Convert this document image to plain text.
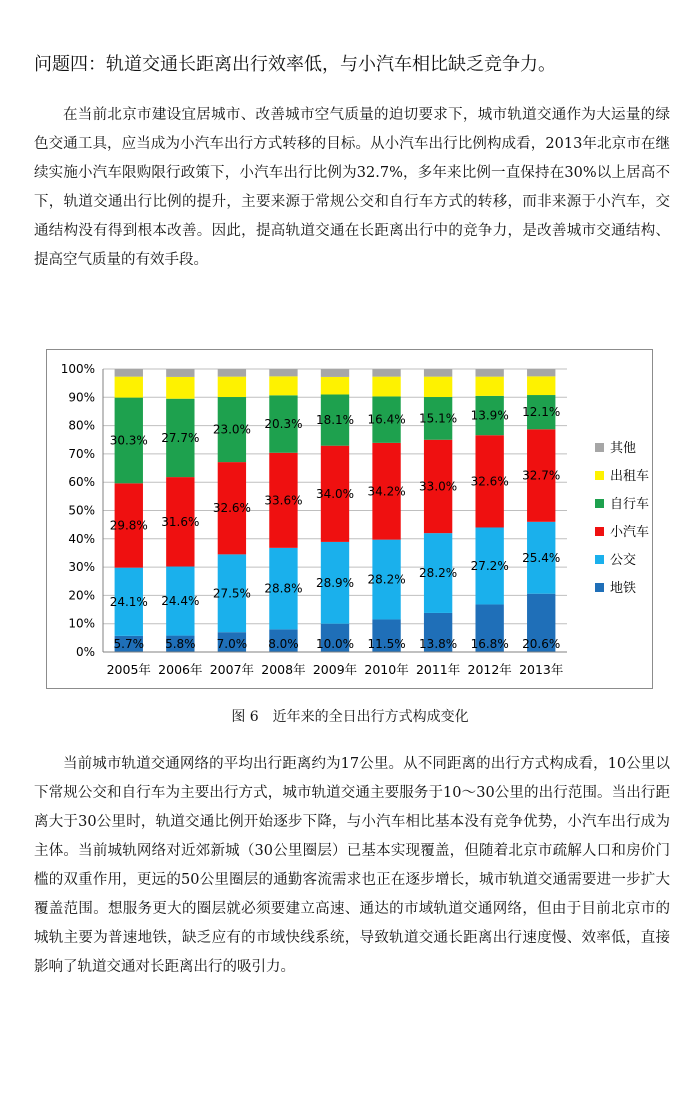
问题四：轨道交通长距离出行效率低，与小汽车相比缺乏竞争力。

在当前北京市建设宜居城市、改善城市空气质量的迫切要求下，城市轨道交通作为大运量的绿色交通工具，应当成为小汽车出行方式转移的目标。从小汽车出行比例构成看，2013年北京市在继续实施小汽车限购限行政策下，小汽车出行比例为32.7%，多年来比例一直保持在30%以上居高不下，轨道交通出行比例的提升，主要来源于常规公交和自行车方式的转移，而非来源于小汽车，交通结构没有得到根本改善。因此，提高轨道交通在长距离出行中的竞争力，是改善城市交通结构、提高空气质量的有效手段。

0%
10%
20%
30%
40%
50%
60%
70%
80%
90%
100%
5.7%
24.1%
29.8%
30.3%
2005年
5.8%
24.4%
31.6%
27.7%
2006年
7.0%
27.5%
32.6%
23.0%
2007年
8.0%
28.8%
33.6%
20.3%
2008年
10.0%
28.9%
34.0%
18.1%
2009年
11.5%
28.2%
34.2%
16.4%
2010年
13.8%
28.2%
33.0%
15.1%
2011年
16.8%
27.2%
32.6%
13.9%
2012年
20.6%
25.4%
32.7%
12.1%
2013年
其他
出租车
自行车
小汽车
公交
地铁
图 6　近年来的全日出行方式构成变化

当前城市轨道交通网络的平均出行距离约为17公里。从不同距离的出行方式构成看，10公里以下常规公交和自行车为主要出行方式，城市轨道交通主要服务于10～30公里的出行范围。当出行距离大于30公里时，轨道交通比例开始逐步下降，与小汽车相比基本没有竞争优势，小汽车出行成为主体。当前城轨网络对近郊新城（30公里圈层）已基本实现覆盖，但随着北京市疏解人口和房价门槛的双重作用，更远的50公里圈层的通勤客流需求也正在逐步增长，城市轨道交通需要进一步扩大覆盖范围。想服务更大的圈层就必须要建立高速、通达的市域轨道交通网络，但由于目前北京市的城轨主要为普速地铁，缺乏应有的市域快线系统，导致轨道交通长距离出行速度慢、效率低，直接影响了轨道交通对长距离出行的吸引力。
